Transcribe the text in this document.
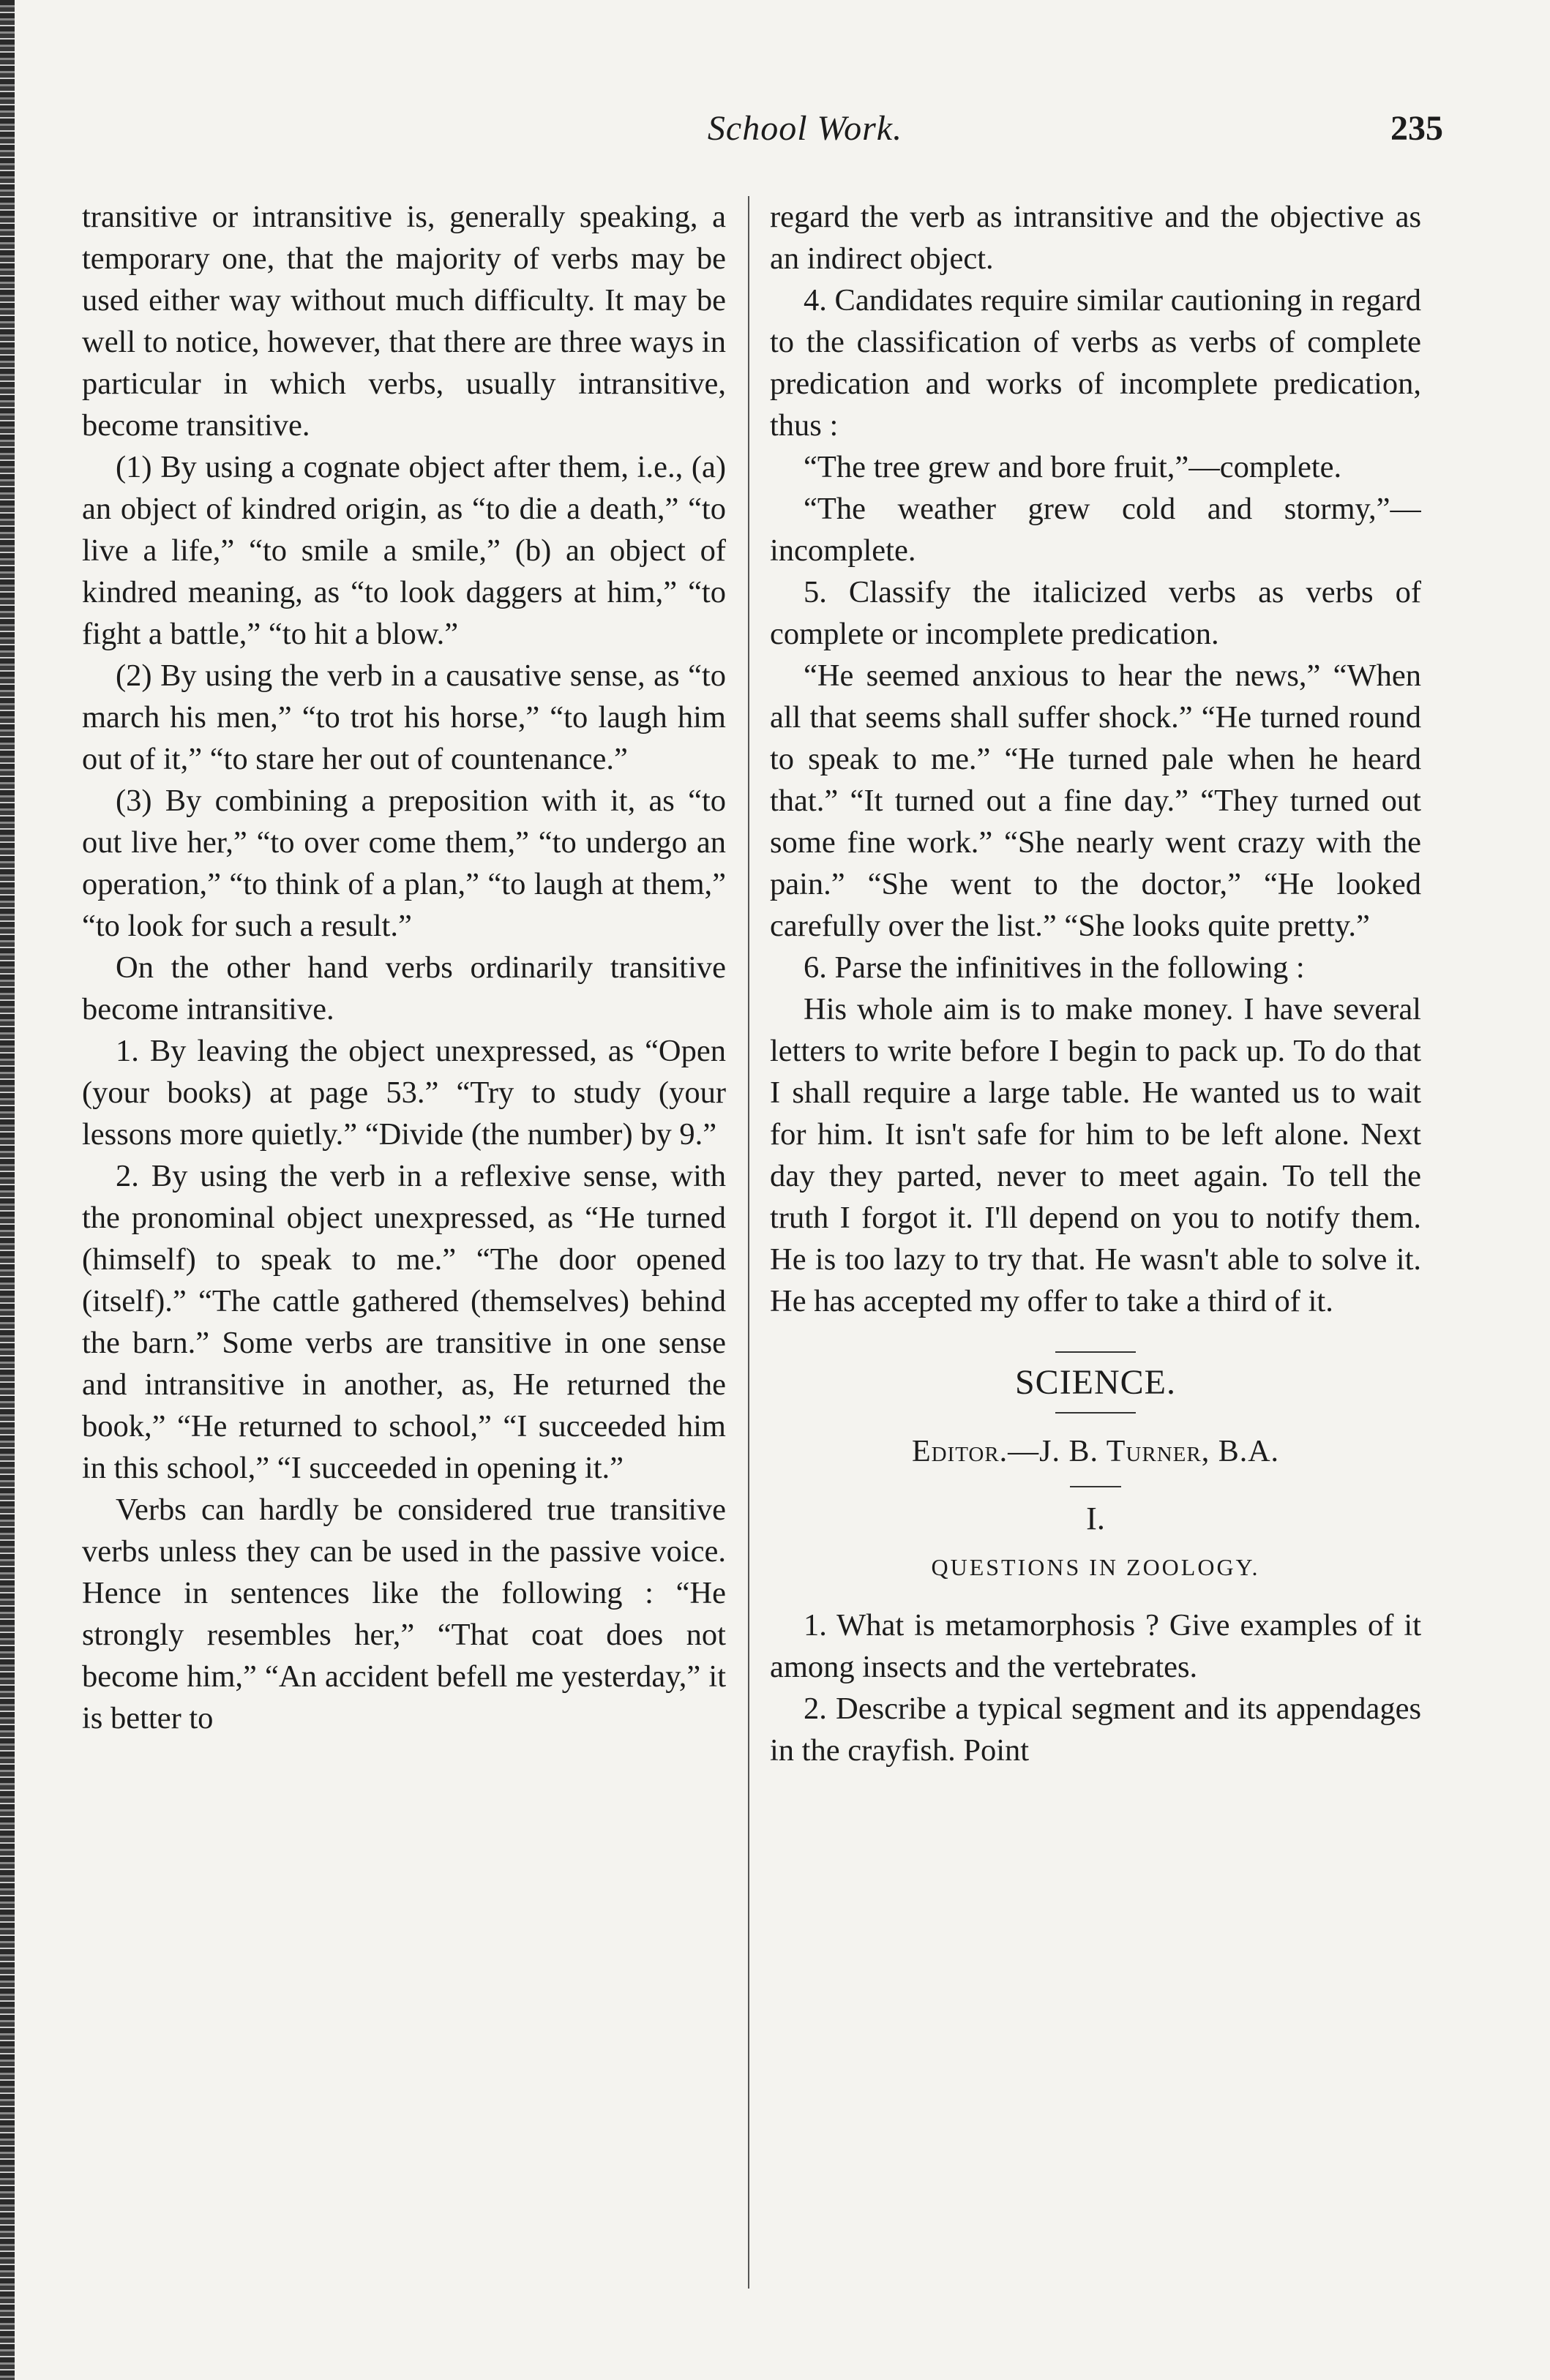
School Work.	235

transitive or intransitive is, generally speaking, a temporary one, that the majority of verbs may be used either way without much difficulty. It may be well to notice, however, that there are three ways in particular in which verbs, usually intransitive, become transitive.

(1) By using a cognate object after them, i.e., (a) an object of kindred origin, as “to die a death,” “to live a life,” “to smile a smile,” (b) an object of kindred meaning, as “to look daggers at him,” “to fight a battle,” “to hit a blow.”

(2) By using the verb in a causative sense, as “to march his men,” “to trot his horse,” “to laugh him out of it,” “to stare her out of countenance.”

(3) By combining a preposition with it, as “to out live her,” “to over come them,” “to undergo an operation,” “to think of a plan,” “to laugh at them,” “to look for such a result.”

On the other hand verbs ordinarily transitive become intransitive.

1. By leaving the object unexpressed, as “Open (your books) at page 53.” “Try to study (your lessons more quietly.” “Divide (the number) by 9.”

2. By using the verb in a reflexive sense, with the pronominal object unexpressed, as “He turned (himself) to speak to me.” “The door opened (itself).” “The cattle gathered (themselves) behind the barn.” Some verbs are transitive in one sense and intransitive in another, as, He returned the book,” “He returned to school,” “I succeeded him in this school,” “I succeeded in opening it.”

Verbs can hardly be considered true transitive verbs unless they can be used in the passive voice. Hence in sentences like the following : “He strongly resembles her,” “That coat does not become him,” “An accident befell me yesterday,” it is better to

regard the verb as intransitive and the objective as an indirect object.

4. Candidates require similar cautioning in regard to the classification of verbs as verbs of complete predication and works of incomplete predication, thus :

“The tree grew and bore fruit,”—complete.

“The weather grew cold and stormy,”—incomplete.

5. Classify the italicized verbs as verbs of complete or incomplete predication.

“He seemed anxious to hear the news,” “When all that seems shall suffer shock.” “He turned round to speak to me.” “He turned pale when he heard that.” “It turned out a fine day.” “They turned out some fine work.” “She nearly went crazy with the pain.” “She went to the doctor,” “He looked carefully over the list.” “She looks quite pretty.”

6. Parse the infinitives in the following :

His whole aim is to make money. I have several letters to write before I begin to pack up. To do that I shall require a large table. He wanted us to wait for him. It isn't safe for him to be left alone. Next day they parted, never to meet again. To tell the truth I forgot it. I'll depend on you to notify them. He is too lazy to try that. He wasn't able to solve it. He has accepted my offer to take a third of it.

SCIENCE.
Editor.—J. B. Turner, B.A.
I.
QUESTIONS IN ZOOLOGY.

1. What is metamorphosis ? Give examples of it among insects and the vertebrates.

2. Describe a typical segment and its appendages in the crayfish. Point
